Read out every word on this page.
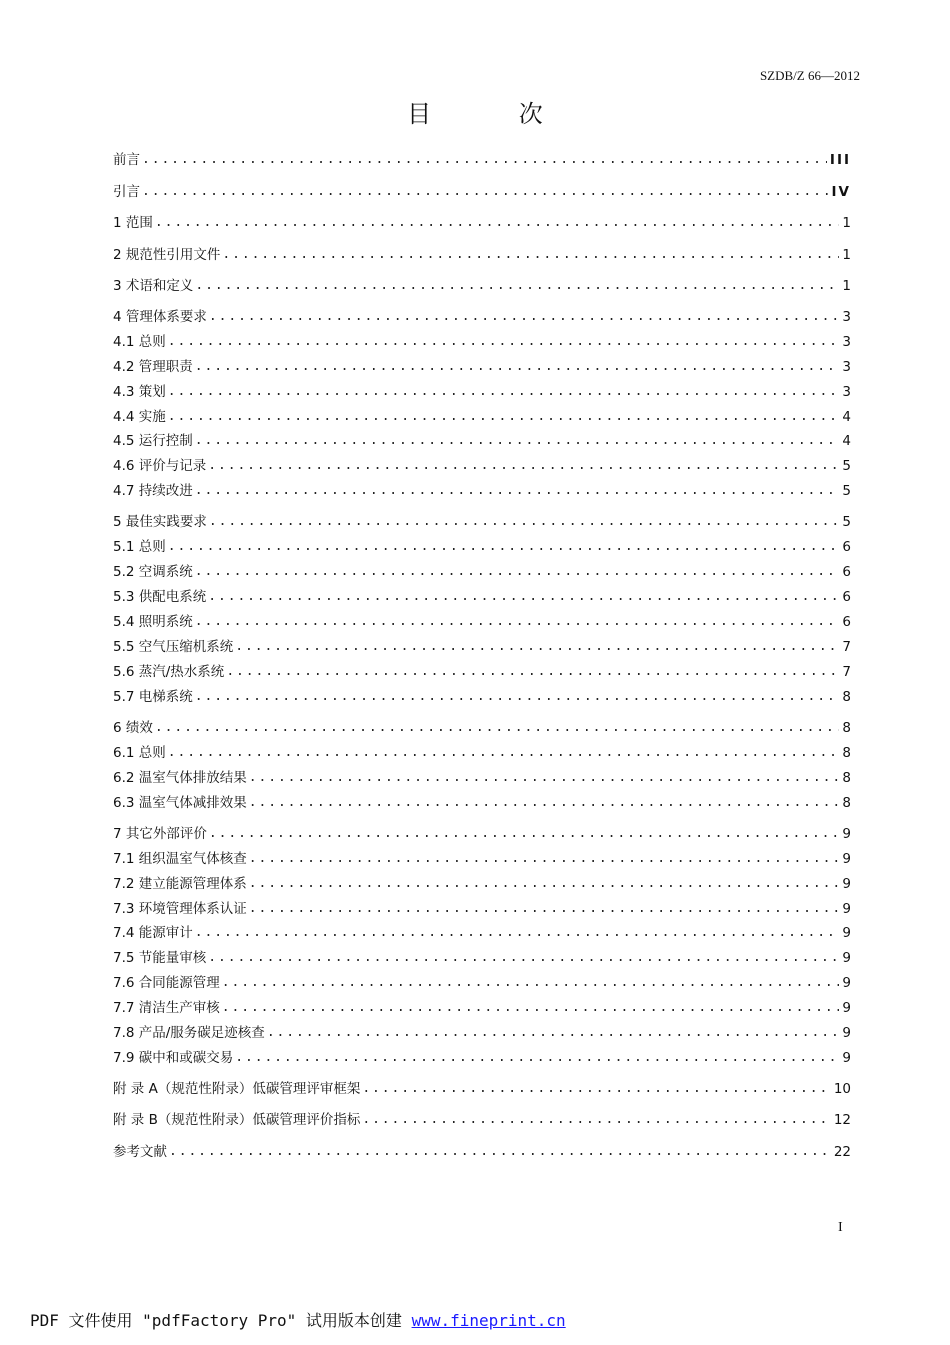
SZDB/Z 66—2012
目 次
前言 .....	III
引言 .....	IV
1 范围 .....	1
2 规范性引用文件 .....	1
3 术语和定义 .....	1
4 管理体系要求 .....	3
4.1 总则 .....	3
4.2 管理职责 .....	3
4.3 策划 .....	3
4.4 实施 .....	4
4.5 运行控制 .....	4
4.6 评价与记录 .....	5
4.7 持续改进 .....	5
5 最佳实践要求 .....	5
5.1 总则 .....	6
5.2 空调系统 .....	6
5.3 供配电系统 .....	6
5.4 照明系统 .....	6
5.5 空气压缩机系统 .....	7
5.6 蒸汽/热水系统 .....	7
5.7 电梯系统 .....	8
6 绩效 .....	8
6.1 总则 .....	8
6.2 温室气体排放结果 .....	8
6.3 温室气体减排效果 .....	8
7 其它外部评价 .....	9
7.1 组织温室气体核查 .....	9
7.2 建立能源管理体系 .....	9
7.3 环境管理体系认证 .....	9
7.4 能源审计 .....	9
7.5 节能量审核 .....	9
7.6 合同能源管理 .....	9
7.7 清洁生产审核 .....	9
7.8 产品/服务碳足迹核查 .....	9
7.9 碳中和或碳交易 .....	9
附 录 A（规范性附录）低碳管理评审框架 .....	10
附 录 B（规范性附录）低碳管理评价指标 .....	12
参考文献 .....	22
I
PDF 文件使用 "pdfFactory Pro" 试用版本创建 www.fineprint.cn
